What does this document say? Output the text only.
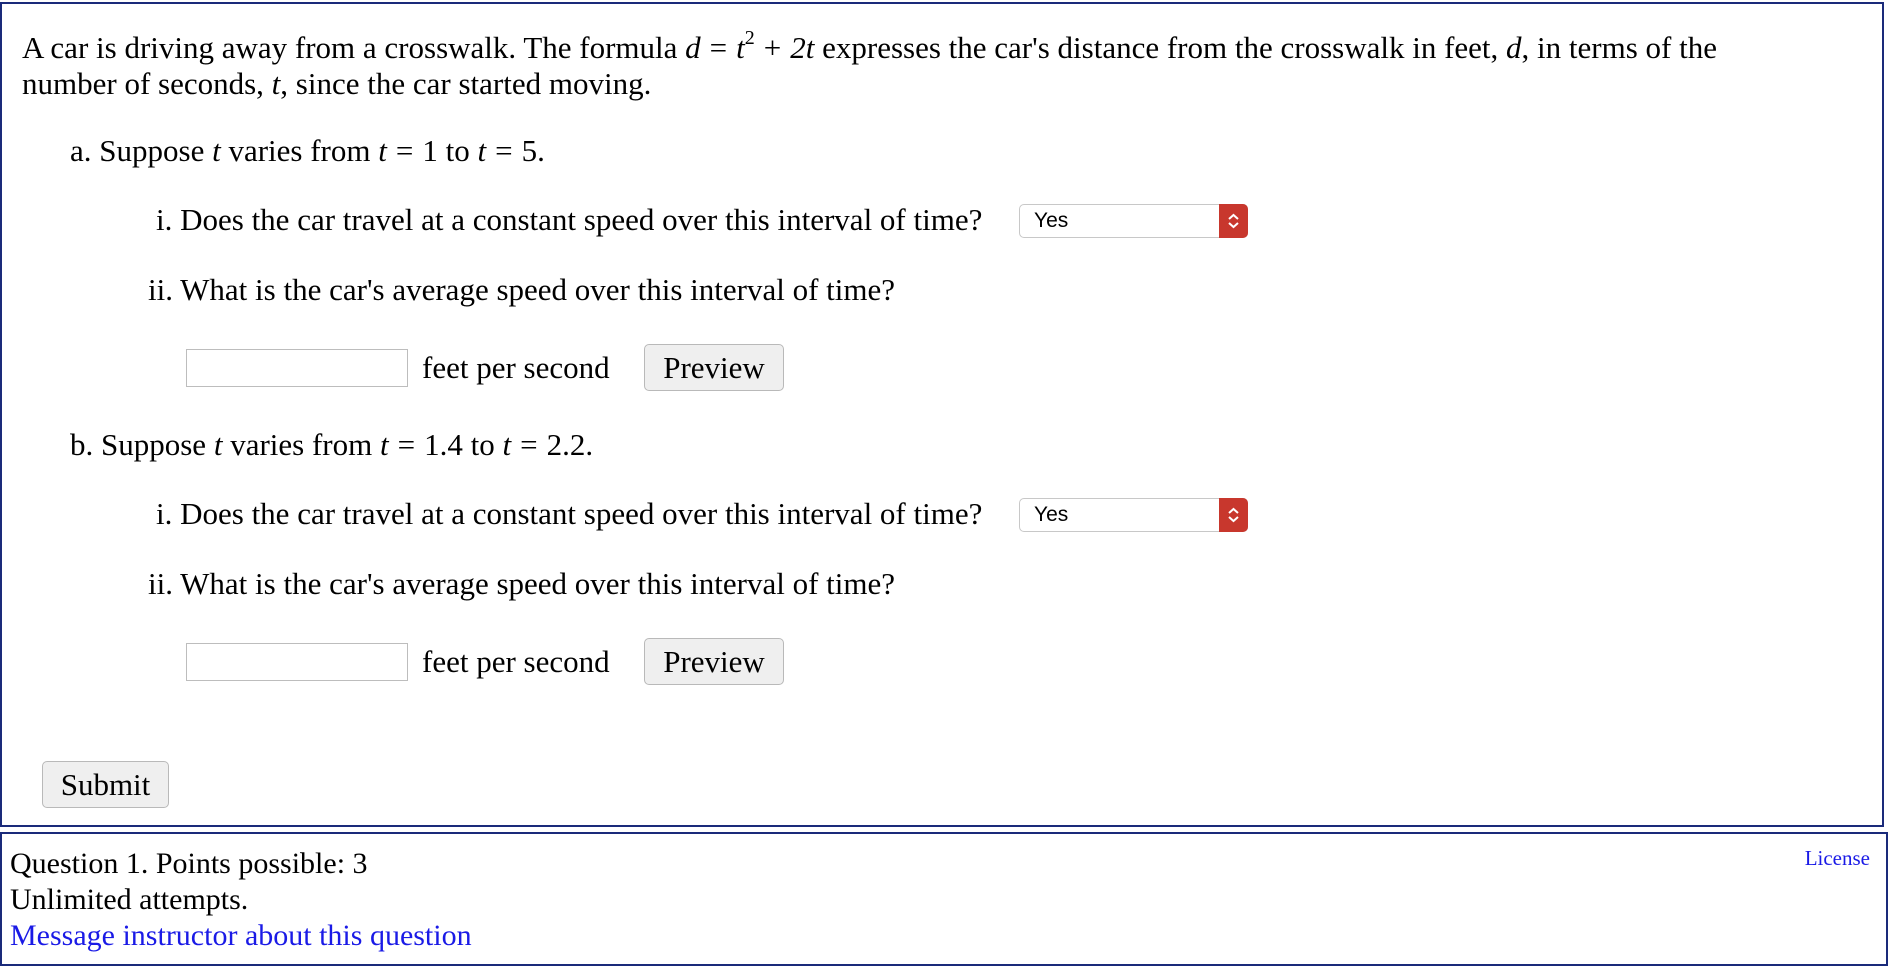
A car is driving away from a crosswalk. The formula $d = t^2 + 2t$ expresses the car's distance from the crosswalk in feet, d, in terms of the
number of seconds, t, since the car started moving.
a. Suppose t varies from t = 1 to t = 5.
i. Does the car travel at a constant speed over this interval of time?	Yes
ii. What is the car's average speed over this interval of time?
feet per second	Preview
b. Suppose t varies from t = 1.4 to t = 2.2.
i. Does the car travel at a constant speed over this interval of time?	Yes
ii. What is the car's average speed over this interval of time?
feet per second	Preview
Submit
Question 1. Points possible: 3
Unlimited attempts.
Message instructor about this question
License
